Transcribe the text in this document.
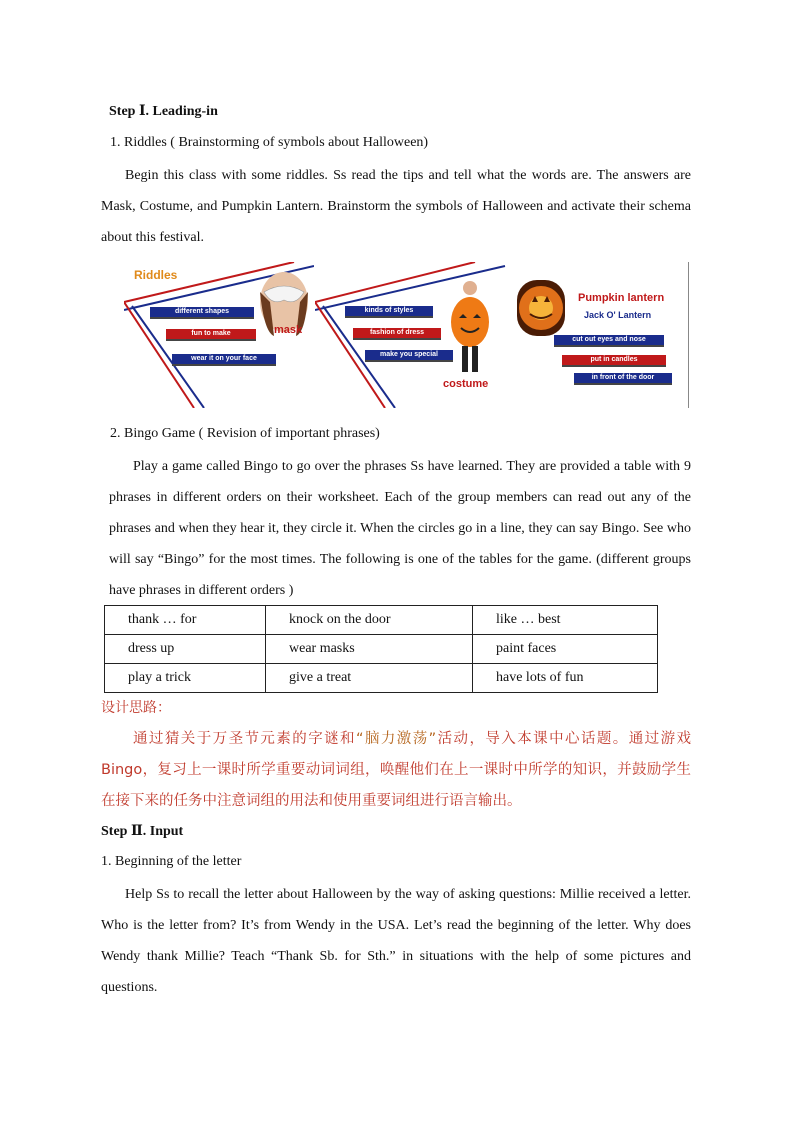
Step Ⅰ. Leading-in
1. Riddles ( Brainstorming of symbols about Halloween)
Begin this class with some riddles. Ss read the tips and tell what the words are. The answers are Mask, Costume, and Pumpkin Lantern. Brainstorm the symbols of Halloween and activate their schema about this festival.
Riddles
different shapes
fun to make
wear it on your face
mask
kinds of styles
fashion of dress
make you special
costume
Pumpkin lantern
Jack O' Lantern
cut out eyes and nose
put in candles
in front of the door
2. Bingo Game ( Revision of important phrases)
Play a game called Bingo to go over the phrases Ss have learned. They are provided a table with 9 phrases in different orders on their worksheet. Each of the group members can read out any of the phrases and when they hear it, they circle it. When the circles go in a line, they can say Bingo. See who will say “Bingo” for the most times. The following is one of the tables for the game. (different groups have phrases in different orders )
thank … for	knock on the door	like … best
dress up	wear masks	paint faces
play a trick	give a treat	have lots of fun
设计思路：
通过猜关于万圣节元素的字谜和“脑力激荡”活动，导入本课中心话题。通过游戏 Bingo，复习上一课时所学重要动词词组，唤醒他们在上一课时中所学的知识，并鼓励学生在接下来的任务中注意词组的用法和使用重要词组进行语言输出。
Step Ⅱ. Input
1. Beginning of the letter
Help Ss to recall the letter about Halloween by the way of asking questions: Millie received a letter. Who is the letter from? It’s from Wendy in the USA. Let’s read the beginning of the letter. Why does Wendy thank Millie? Teach “Thank Sb. for Sth.” in situations with the help of some pictures and questions.
